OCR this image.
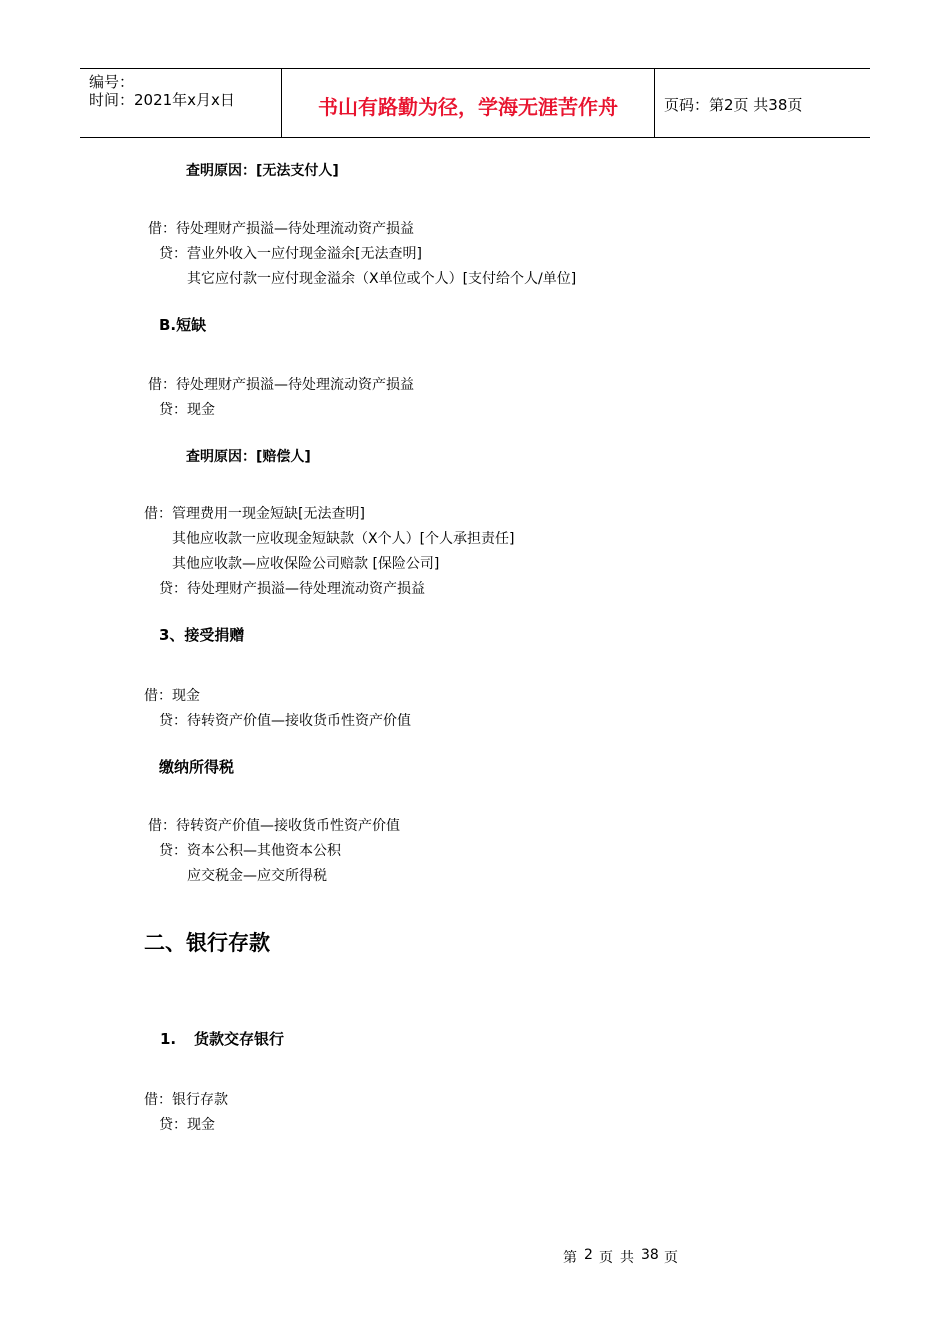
编号：
时间：2021年x月x日	书山有路勤为径，学海无涯苦作舟	页码：第2页 共38页
查明原因：[无法支付人]
借：待处理财产损溢—待处理流动资产损益
贷：营业外收入一应付现金溢余[无法查明]
其它应付款一应付现金溢余（X单位或个人）[支付给个人/单位]
B.短缺
借：待处理财产损溢—待处理流动资产损益
贷：现金
查明原因：[赔偿人]
借：管理费用一现金短缺[无法查明]
其他应收款一应收现金短缺款（X个人）[个人承担责任]
其他应收款—应收保险公司赔款 [保险公司]
贷：待处理财产损溢—待处理流动资产损益
3、接受捐赠
借：现金
贷：待转资产价值—接收货币性资产价值
缴纳所得税
借：待转资产价值—接收货币性资产价值
贷：资本公积—其他资本公积
应交税金—应交所得税
二、银行存款
1. 货款交存银行
借：银行存款
贷：现金
第 2 页 共 38 页
